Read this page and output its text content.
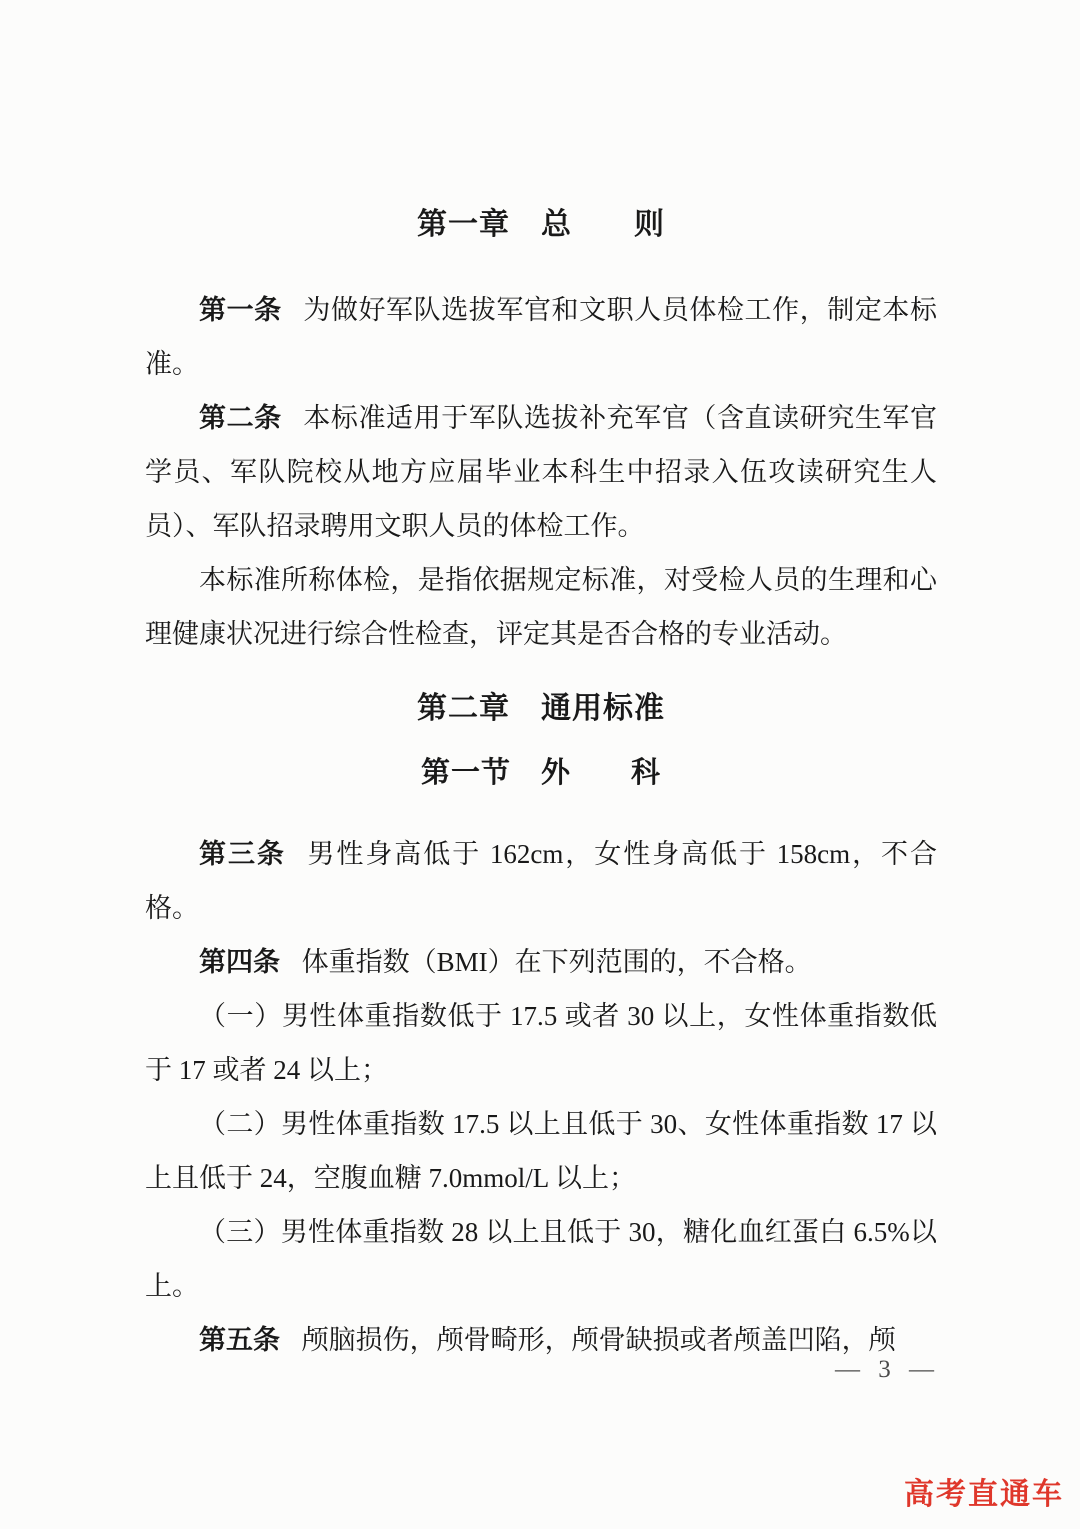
第一章　总　　则

第一条 为做好军队选拔军官和文职人员体检工作，制定本标准。

第二条 本标准适用于军队选拔补充军官（含直读研究生军官学员、军队院校从地方应届毕业本科生中招录入伍攻读研究生人员）、军队招录聘用文职人员的体检工作。

本标准所称体检，是指依据规定标准，对受检人员的生理和心理健康状况进行综合性检查，评定其是否合格的专业活动。

第二章　通用标准
第一节　外　　科

第三条 男性身高低于 162cm，女性身高低于 158cm，不合格。

第四条 体重指数（BMI）在下列范围的，不合格。

（一）男性体重指数低于 17.5 或者 30 以上，女性体重指数低于 17 或者 24 以上；

（二）男性体重指数 17.5 以上且低于 30、女性体重指数 17 以上且低于 24，空腹血糖 7.0mmol/L 以上；

（三）男性体重指数 28 以上且低于 30，糖化血红蛋白 6.5%以上。

第五条 颅脑损伤，颅骨畸形，颅骨缺损或者颅盖凹陷，颅

— 3 —
高考直通车
